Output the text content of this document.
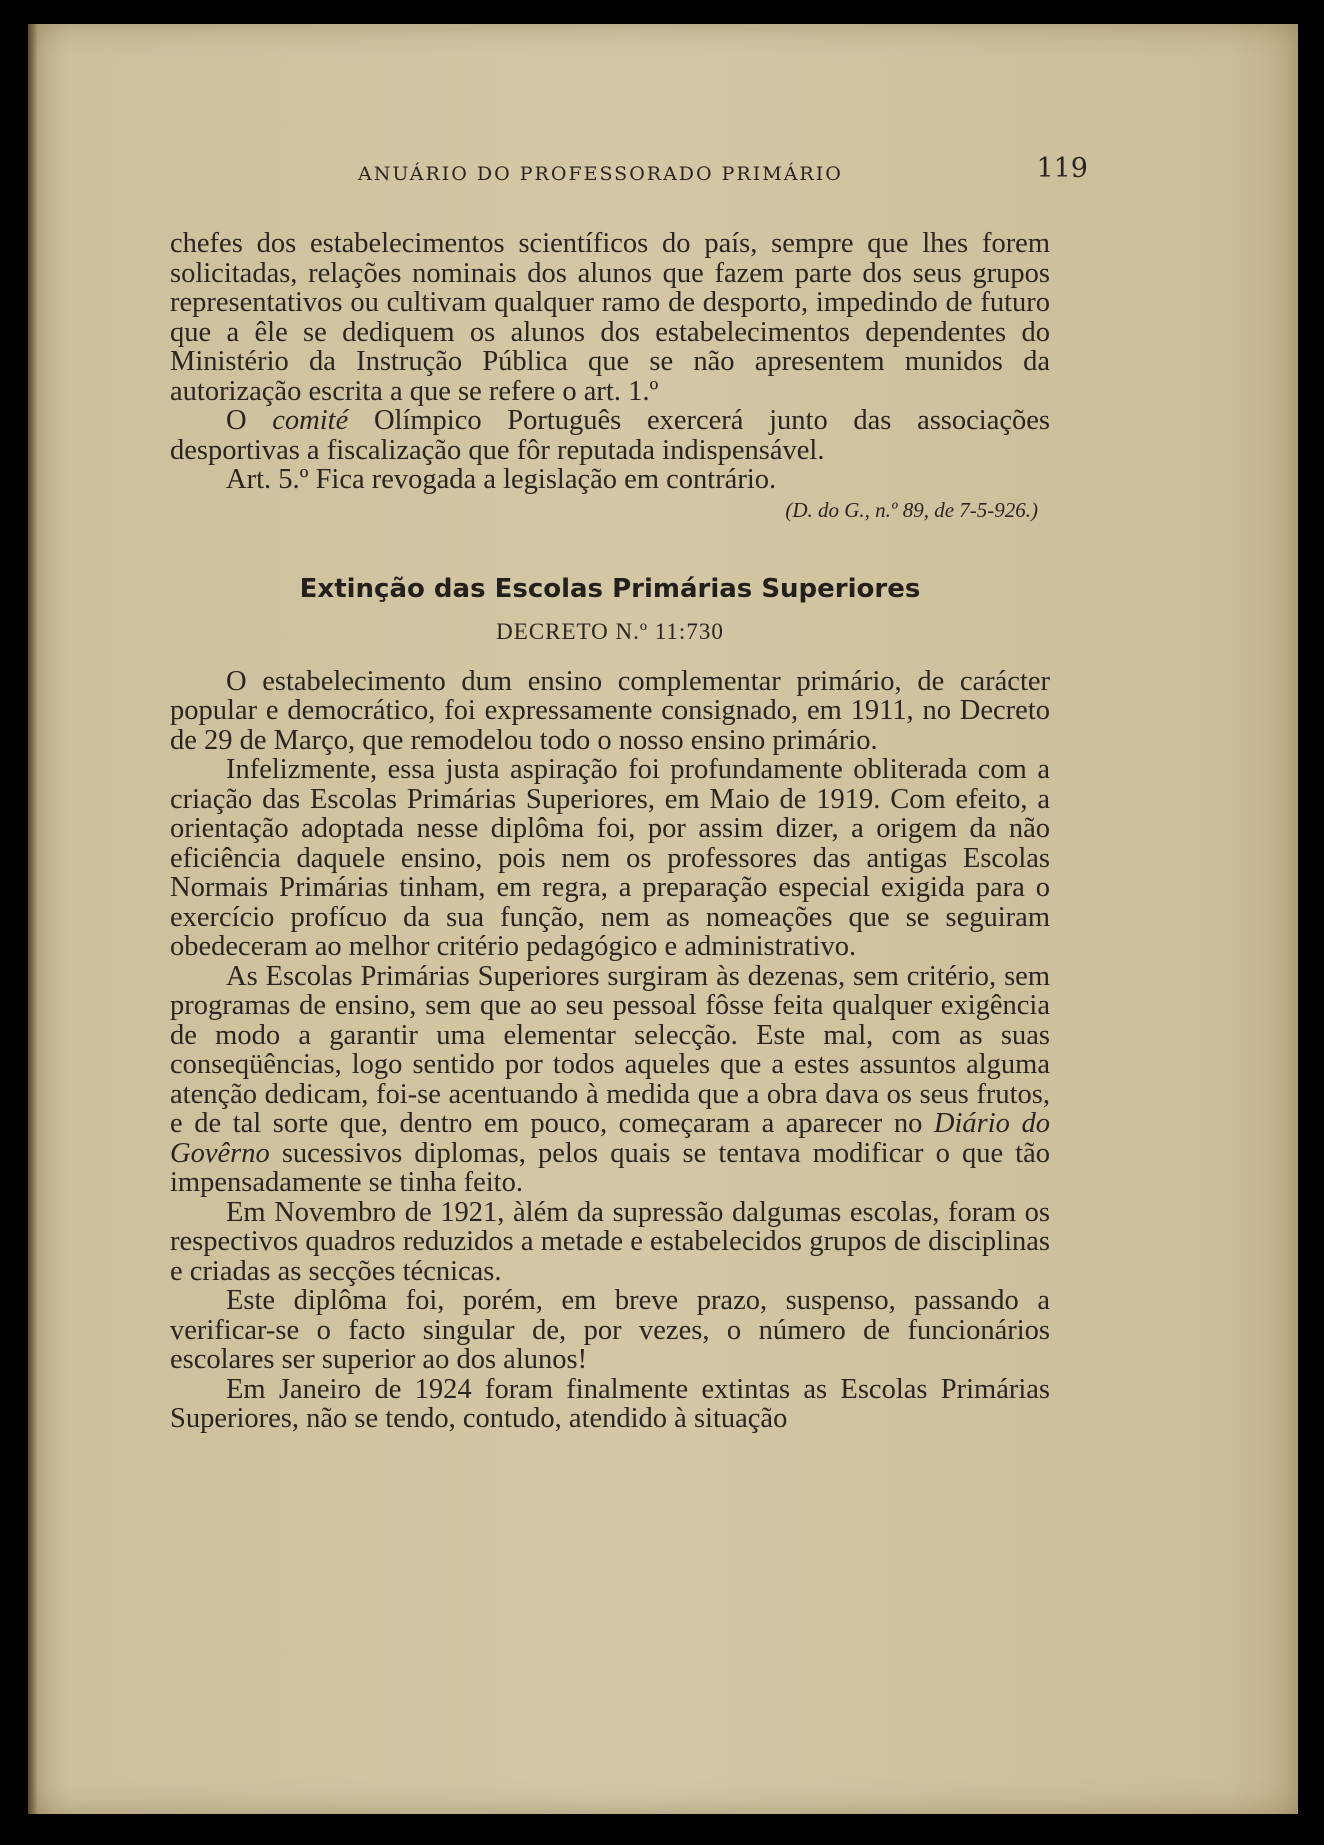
ANUÁRIO DO PROFESSORADO PRIMÁRIO	119

chefes dos estabelecimentos scientíficos do país, sempre que lhes forem solicitadas, relações nominais dos alunos que fazem parte dos seus grupos representativos ou cultivam qualquer ramo de desporto, impedindo de futuro que a êle se dediquem os alunos dos estabelecimentos dependentes do Ministério da Instrução Pública que se não apresentem munidos da autorização escrita a que se refere o art. 1.º

O comité Olímpico Português exercerá junto das associações desportivas a fiscalização que fôr reputada indispensável.

Art. 5.º Fica revogada a legislação em contrário.

(D. do G., n.º 89, de 7-5-926.)

Extinção das Escolas Primárias Superiores

DECRETO N.º 11:730

O estabelecimento dum ensino complementar primário, de carácter popular e democrático, foi expressamente consignado, em 1911, no Decreto de 29 de Março, que remodelou todo o nosso ensino primário.

Infelizmente, essa justa aspiração foi profundamente obliterada com a criação das Escolas Primárias Superiores, em Maio de 1919. Com efeito, a orientação adoptada nesse diplôma foi, por assim dizer, a origem da não eficiência daquele ensino, pois nem os professores das antigas Escolas Normais Primárias tinham, em regra, a preparação especial exigida para o exercício profícuo da sua função, nem as nomeações que se seguiram obedeceram ao melhor critério pedagógico e administrativo.

As Escolas Primárias Superiores surgiram às dezenas, sem critério, sem programas de ensino, sem que ao seu pessoal fôsse feita qualquer exigência de modo a garantir uma elementar selecção. Este mal, com as suas conseqüências, logo sentido por todos aqueles que a estes assuntos alguma atenção dedicam, foi-se acentuando à medida que a obra dava os seus frutos, e de tal sorte que, dentro em pouco, começaram a aparecer no Diário do Govêrno sucessivos diplomas, pelos quais se tentava modificar o que tão impensadamente se tinha feito.

Em Novembro de 1921, àlém da supressão dalgumas escolas, foram os respectivos quadros reduzidos a metade e estabelecidos grupos de disciplinas e criadas as secções técnicas.

Este diplôma foi, porém, em breve prazo, suspenso, passando a verificar-se o facto singular de, por vezes, o número de funcionários escolares ser superior ao dos alunos!

Em Janeiro de 1924 foram finalmente extintas as Escolas Primárias Superiores, não se tendo, contudo, atendido à situação
